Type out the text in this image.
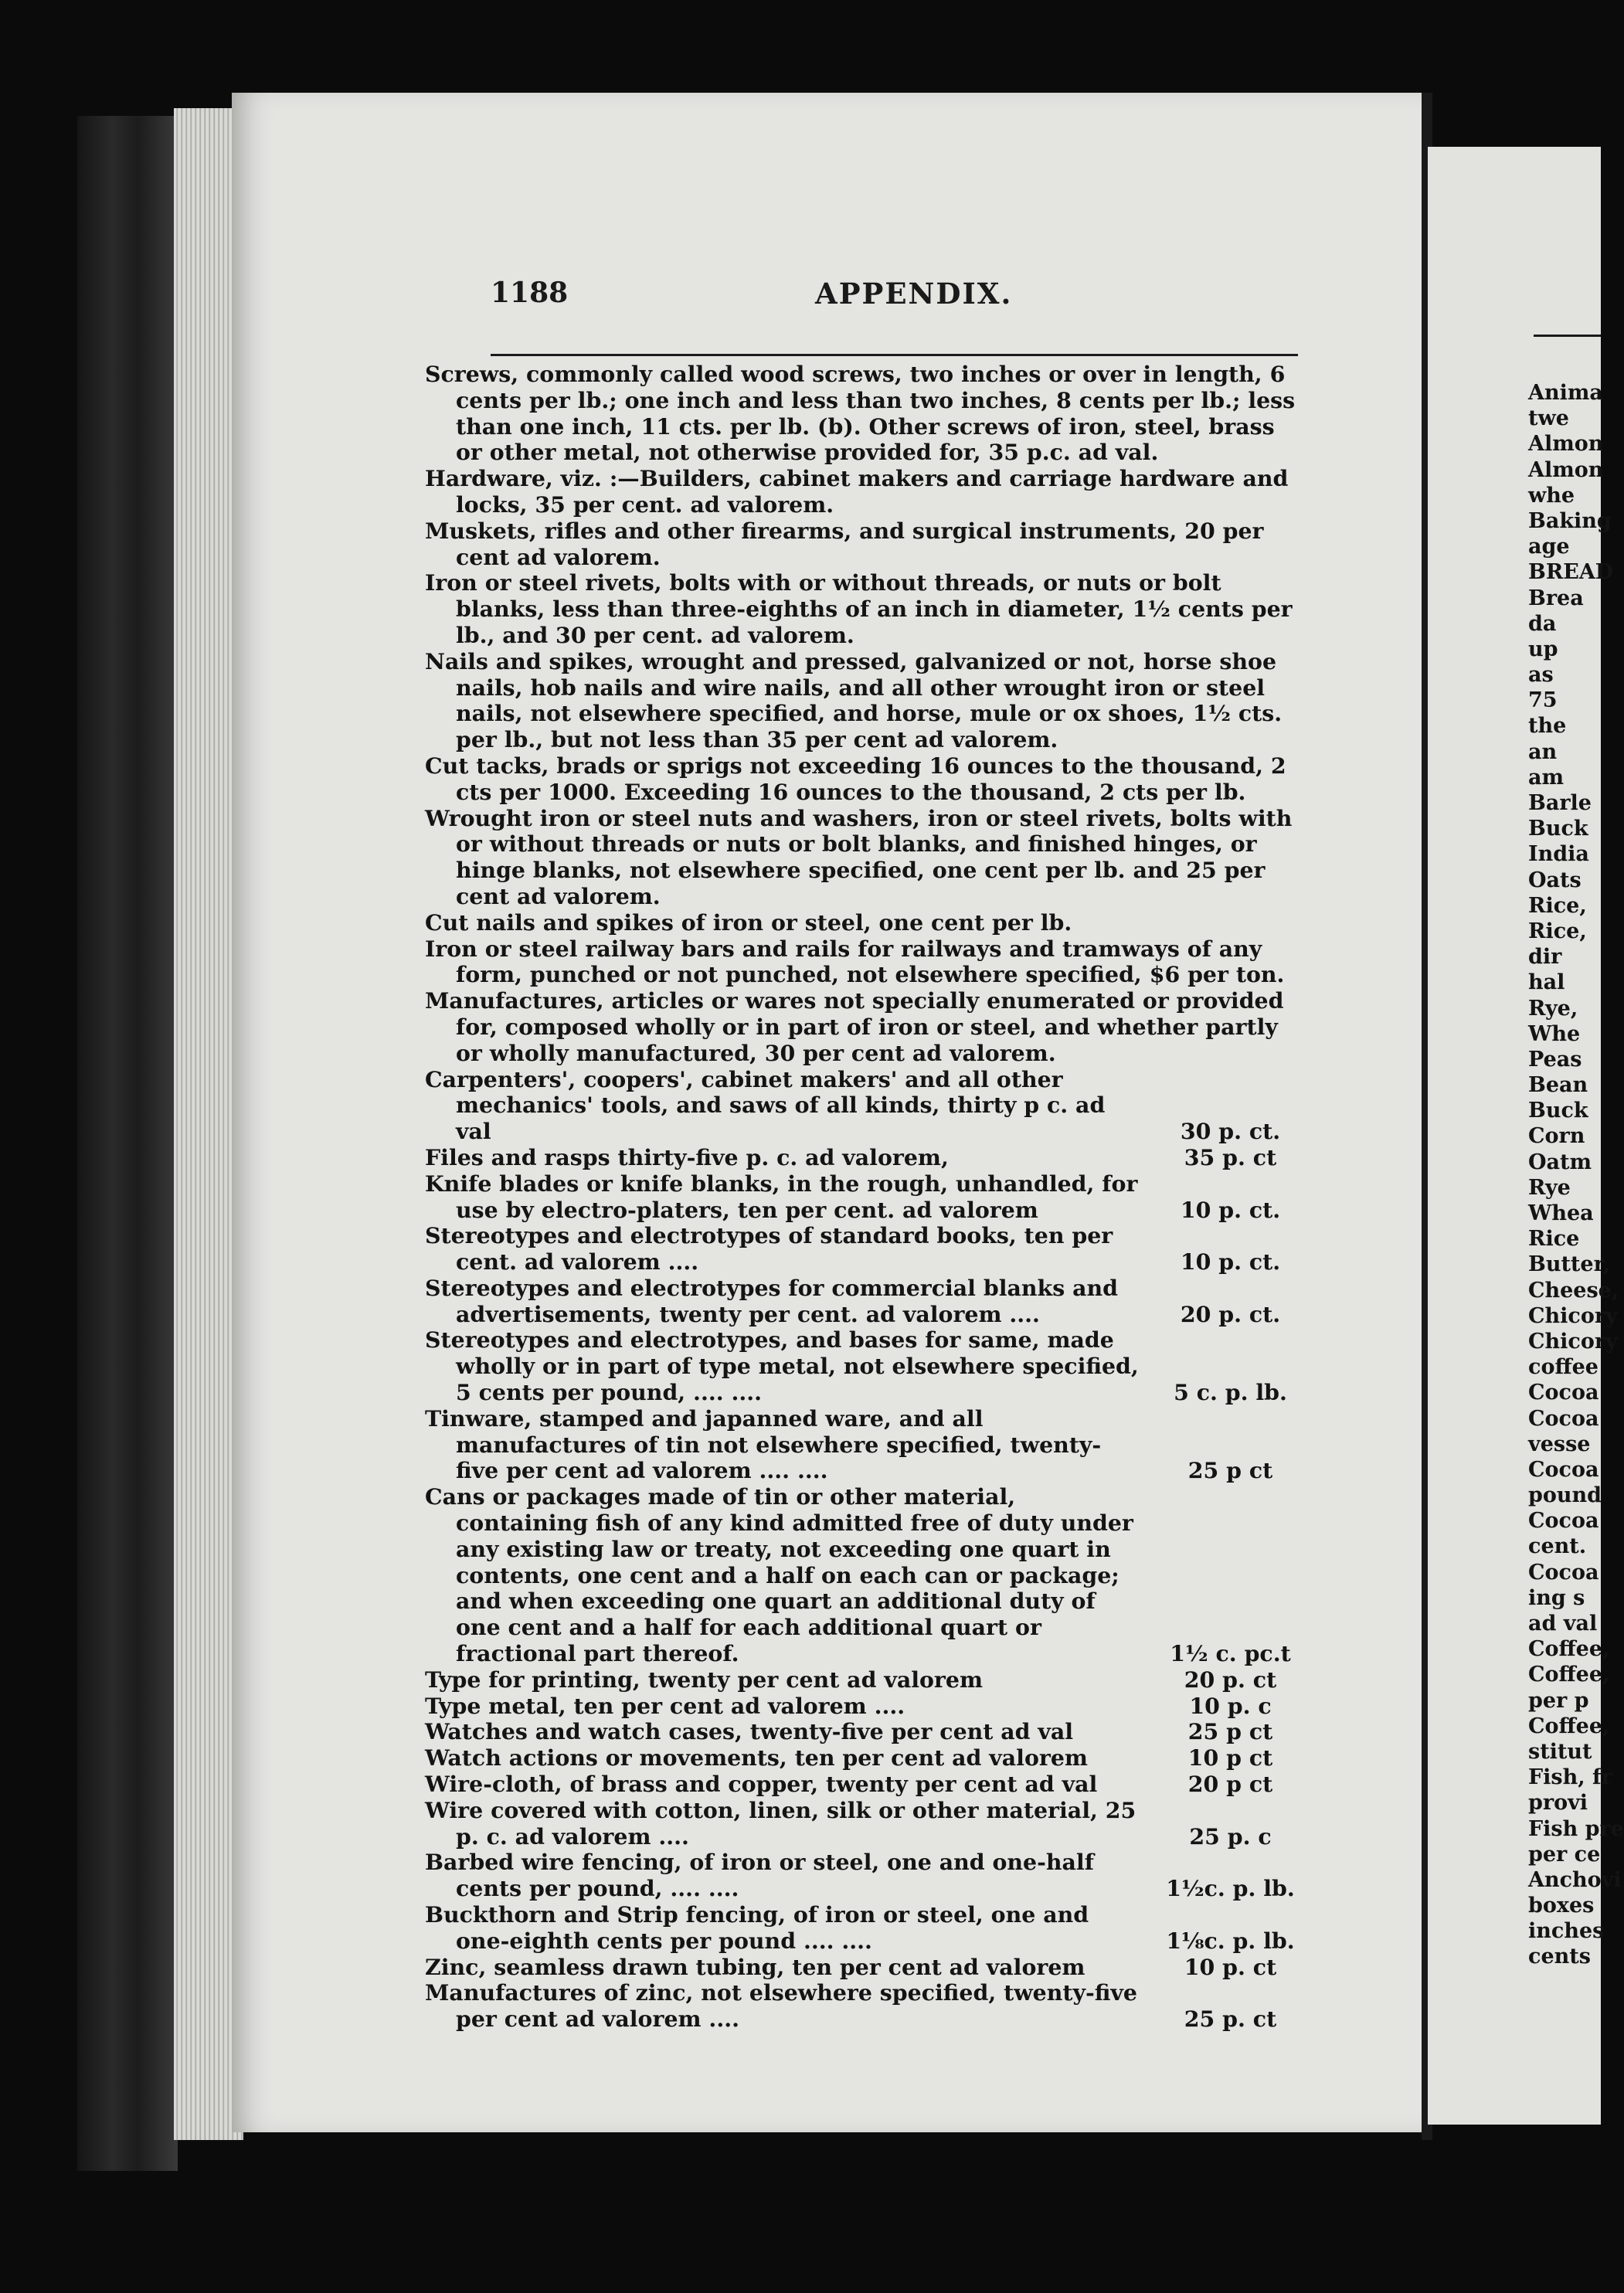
1188	APPENDIX.
Screws, commonly called wood screws, two inches or over in length, 6 cents per lb.; one inch and less than two inches, 8 cents per lb.; less than one inch, 11 cts. per lb. (b). Other screws of iron, steel, brass or other metal, not otherwise provided for, 35 p.c. ad val.
Hardware, viz. :—Builders, cabinet makers and carriage hardware and locks, 35 per cent. ad valorem.
Muskets, rifles and other firearms, and surgical instruments, 20 per cent ad valorem.
Iron or steel rivets, bolts with or without threads, or nuts or bolt blanks, less than three-eighths of an inch in diameter, 1½ cents per lb., and 30 per cent. ad valorem.
Nails and spikes, wrought and pressed, galvanized or not, horse shoe nails, hob nails and wire nails, and all other wrought iron or steel nails, not elsewhere specified, and horse, mule or ox shoes, 1½ cts. per lb., but not less than 35 per cent ad valorem.
Cut tacks, brads or sprigs not exceeding 16 ounces to the thousand, 2 cts per 1000. Exceeding 16 ounces to the thousand, 2 cts per lb.
Wrought iron or steel nuts and washers, iron or steel rivets, bolts with or without threads or nuts or bolt blanks, and finished hinges, or hinge blanks, not elsewhere specified, one cent per lb. and 25 per cent ad valorem.
Cut nails and spikes of iron or steel, one cent per lb.
Iron or steel railway bars and rails for railways and tramways of any form, punched or not punched, not elsewhere specified, $6 per ton.
Manufactures, articles or wares not specially enumerated or provided for, composed wholly or in part of iron or steel, and whether partly or wholly manufactured, 30 per cent ad valorem.
Carpenters', coopers', cabinet makers' and all other mechanics' tools, and saws of all kinds, thirty p c. ad val	30 p. ct.
Files and rasps thirty-five p. c. ad valorem,	35 p. ct
Knife blades or knife blanks, in the rough, unhandled, for use by electro-platers, ten per cent. ad valorem	10 p. ct.
Stereotypes and electrotypes of standard books, ten per cent. ad valorem ....	10 p. ct.
Stereotypes and electrotypes for commercial blanks and advertisements, twenty per cent. ad valorem ....	20 p. ct.
Stereotypes and electrotypes, and bases for same, made wholly or in part of type metal, not elsewhere specified, 5 cents per pound, .... ....	5 c. p. lb.
Tinware, stamped and japanned ware, and all manufactures of tin not elsewhere specified, twenty-five per cent ad valorem .... ....	25 p ct
Cans or packages made of tin or other material, containing fish of any kind admitted free of duty under any existing law or treaty, not exceeding one quart in contents, one cent and a half on each can or package; and when exceeding one quart an additional duty of one cent and a half for each additional quart or fractional part thereof.	1½ c. pc.t
Type for printing, twenty per cent ad valorem	20 p. ct
Type metal, ten per cent ad valorem ....	10 p. c
Watches and watch cases, twenty-five per cent ad val	25 p ct
Watch actions or movements, ten per cent ad valorem	10 p ct
Wire-cloth, of brass and copper, twenty per cent ad val	20 p ct
Wire covered with cotton, linen, silk or other material, 25 p. c. ad valorem ....	25 p. c
Barbed wire fencing, of iron or steel, one and one-half cents per pound, .... ....	1½c. p. lb.
Buckthorn and Strip fencing, of iron or steel, one and one-eighth cents per pound .... ....	1⅛c. p. lb.
Zinc, seamless drawn tubing, ten per cent ad valorem	10 p. ct
Manufactures of zinc, not elsewhere specified, twenty-five per cent ad valorem ....	25 p. ct
Anima
twe
Almon
Almon
whe
Baking
age
BREAD
Brea
da
up
as
75
the
an
am
Barle
Buck
India
Oats
Rice,
Rice,
dir
hal
Rye,
Whe
Peas
Bean
Buck
Corn
Oatm
Rye
Whea
Rice
Butter,
Cheese,
Chicory
Chicory
coffee
Cocoa
Cocoa
vesse
Cocoa
pound
Cocoa
cent.
Cocoa
ing s
ad val
Coffee,
Coffee,
per p
Coffee,
stitut
Fish, fr
provi
Fish pre
per ce
Anchovi
boxes
inches
cents
